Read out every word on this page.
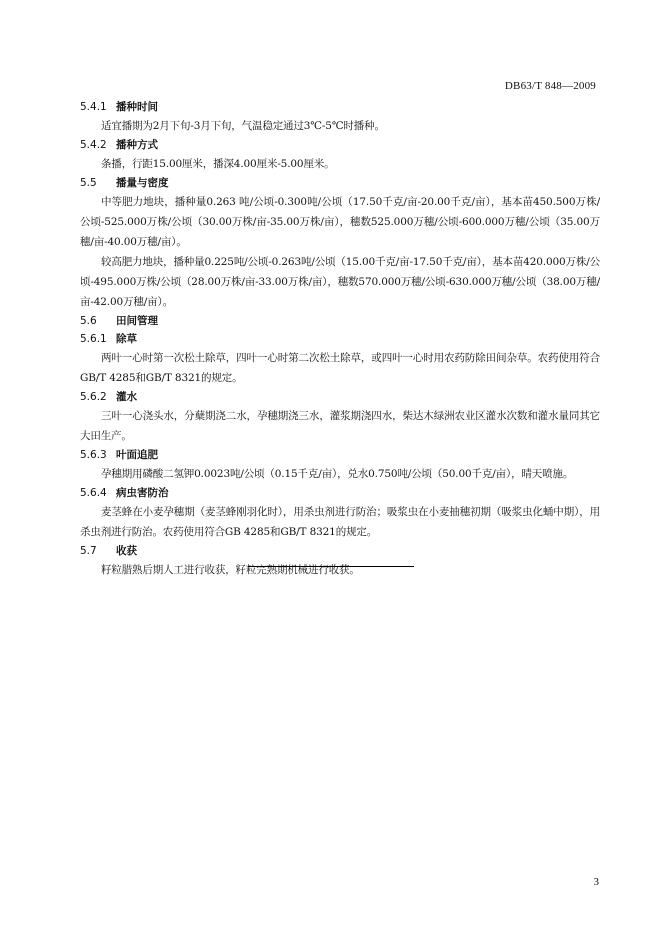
DB63/T 848—2009
5.4.1 播种时间

适宜播期为2月下旬-3月下旬，气温稳定通过3℃-5℃时播种。

5.4.2 播种方式

条播，行距15.00厘米，播深4.00厘米-5.00厘米。

5.5 播量与密度

中等肥力地块，播种量0.263 吨/公顷-0.300吨/公顷（17.50千克/亩-20.00千克/亩），基本苗450.500万株/公顷-525.000万株/公顷（30.00万株/亩-35.00万株/亩），穗数525.000万穗/公顷-600.000万穗/公顷（35.00万穗/亩-40.00万穗/亩）。

较高肥力地块，播种量0.225吨/公顷-0.263吨/公顷（15.00千克/亩-17.50千克/亩），基本苗420.000万株/公顷-495.000万株/公顷（28.00万株/亩-33.00万株/亩），穗数570.000万穗/公顷-630.000万穗/公顷（38.00万穗/亩-42.00万穗/亩）。

5.6 田间管理
5.6.1 除草

两叶一心时第一次松土除草，四叶一心时第二次松土除草，或四叶一心时用农药防除田间杂草。农药使用符合GB/T 4285和GB/T 8321的规定。

5.6.2 灌水

三叶一心浇头水，分蘖期浇二水，孕穗期浇三水，灌浆期浇四水，柴达木绿洲农业区灌水次数和灌水量同其它大田生产。

5.6.3 叶面追肥

孕穗期用磷酸二氢钾0.0023吨/公顷（0.15千克/亩），兑水0.750吨/公顷（50.00千克/亩），晴天喷施。

5.6.4 病虫害防治

麦茎蜂在小麦孕穗期（麦茎蜂刚羽化时），用杀虫剂进行防治；吸浆虫在小麦抽穗初期（吸浆虫化蛹中期），用杀虫剂进行防治。农药使用符合GB 4285和GB/T 8321的规定。

5.7 收获

籽粒腊熟后期人工进行收获，籽粒完熟期机械进行收获。

3
